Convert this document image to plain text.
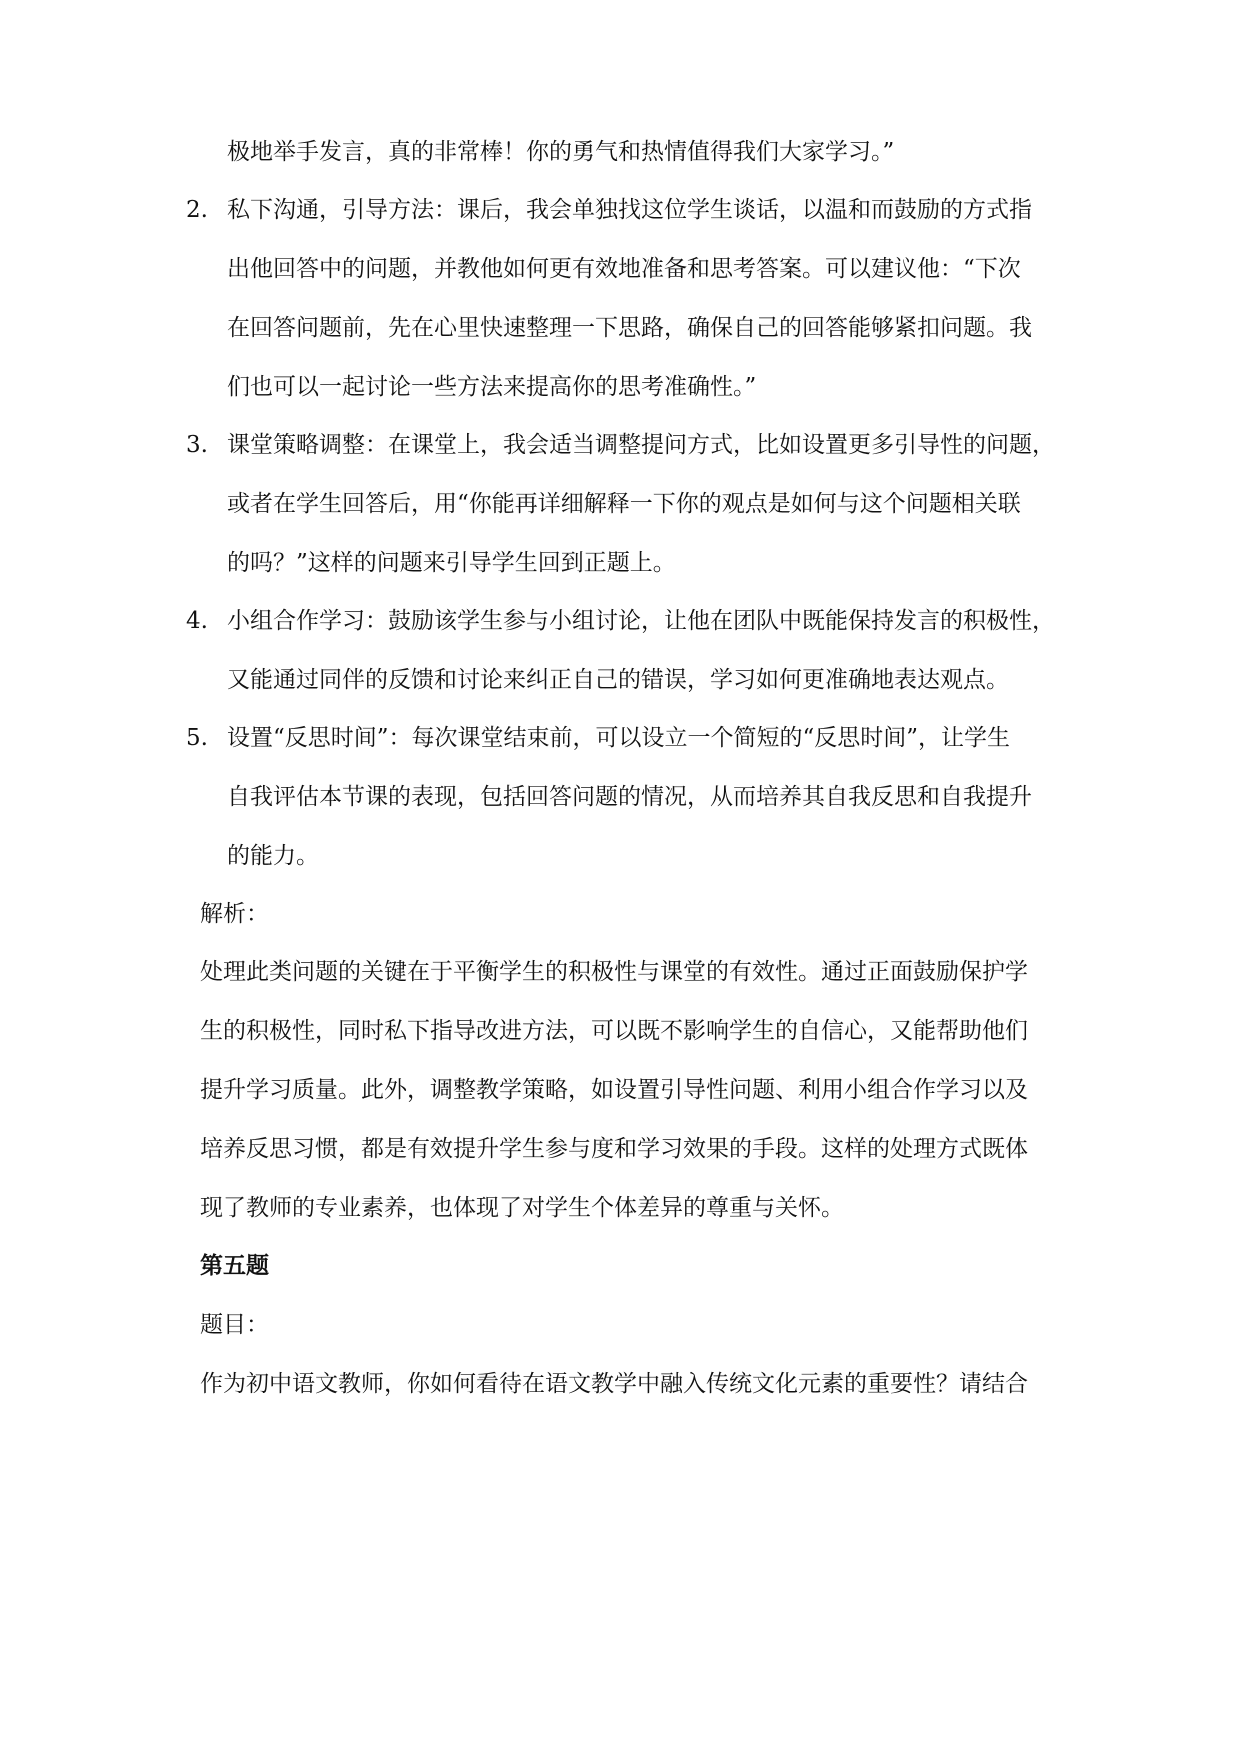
极地举手发言，真的非常棒！你的勇气和热情值得我们大家学习。”
2. 私下沟通，引导方法：课后，我会单独找这位学生谈话，以温和而鼓励的方式指
出他回答中的问题，并教他如何更有效地准备和思考答案。可以建议他：“下次
在回答问题前，先在心里快速整理一下思路，确保自己的回答能够紧扣问题。我
们也可以一起讨论一些方法来提高你的思考准确性。”
3. 课堂策略调整：在课堂上，我会适当调整提问方式，比如设置更多引导性的问题，
或者在学生回答后，用“你能再详细解释一下你的观点是如何与这个问题相关联
的吗？”这样的问题来引导学生回到正题上。
4. 小组合作学习：鼓励该学生参与小组讨论，让他在团队中既能保持发言的积极性，
又能通过同伴的反馈和讨论来纠正自己的错误，学习如何更准确地表达观点。
5. 设置“反思时间”：每次课堂结束前，可以设立一个简短的“反思时间”，让学生
自我评估本节课的表现，包括回答问题的情况，从而培养其自我反思和自我提升
的能力。
解析：
处理此类问题的关键在于平衡学生的积极性与课堂的有效性。通过正面鼓励保护学
生的积极性，同时私下指导改进方法，可以既不影响学生的自信心，又能帮助他们
提升学习质量。此外，调整教学策略，如设置引导性问题、利用小组合作学习以及
培养反思习惯，都是有效提升学生参与度和学习效果的手段。这样的处理方式既体
现了教师的专业素养，也体现了对学生个体差异的尊重与关怀。
第五题
题目：
作为初中语文教师，你如何看待在语文教学中融入传统文化元素的重要性？请结合
